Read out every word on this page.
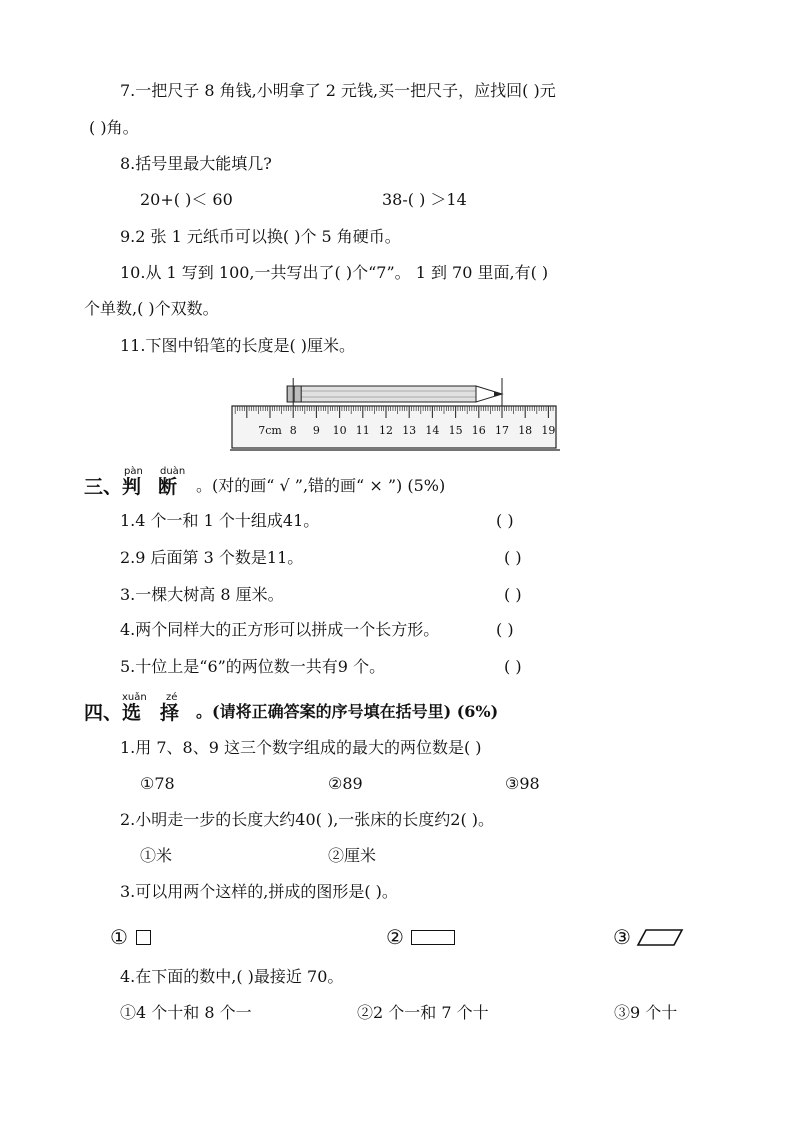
7.一把尺子 8 角钱,小明拿了 2 元钱,买一把尺子，应找回( )元
( )角。
8.括号里最大能填几?
20+( )＜ 60	38-( ) ＞14
9.2 张 1 元纸币可以换( )个 5 角硬币。
10.从 1 写到 100,一共写出了( )个“7”。 1 到 70 里面,有( )
个单数,( )个双数。
11.下图中铅笔的长度是( )厘米。
7cm 8 9 10 11 12 13 14 15 16 17 18 19
三、
pàn
判
duàn
断 。(对的画“ √ ”,错的画“ × ”) (5%)
1.4 个一和 1 个十组成41。	( )
2.9 后面第 3 个数是11。	( )
3.一棵大树高 8 厘米。	( )
4.两个同样大的正方形可以拼成一个长方形。	( )
5.十位上是“6”的两位数一共有9 个。	( )
四、
xuǎn
选
zé
择 。(请将正确答案的序号填在括号里) (6%)
1.用 7、8、9 这三个数字组成的最大的两位数是( )
①78	②89	③98
2.小明走一步的长度大约40( ),一张床的长度约2( )。
①米	②厘米
3.可以用两个这样的,拼成的图形是( )。
①	②	③
4.在下面的数中,( )最接近 70。
①4 个十和 8 个一	②2 个一和 7 个十	③9 个十
